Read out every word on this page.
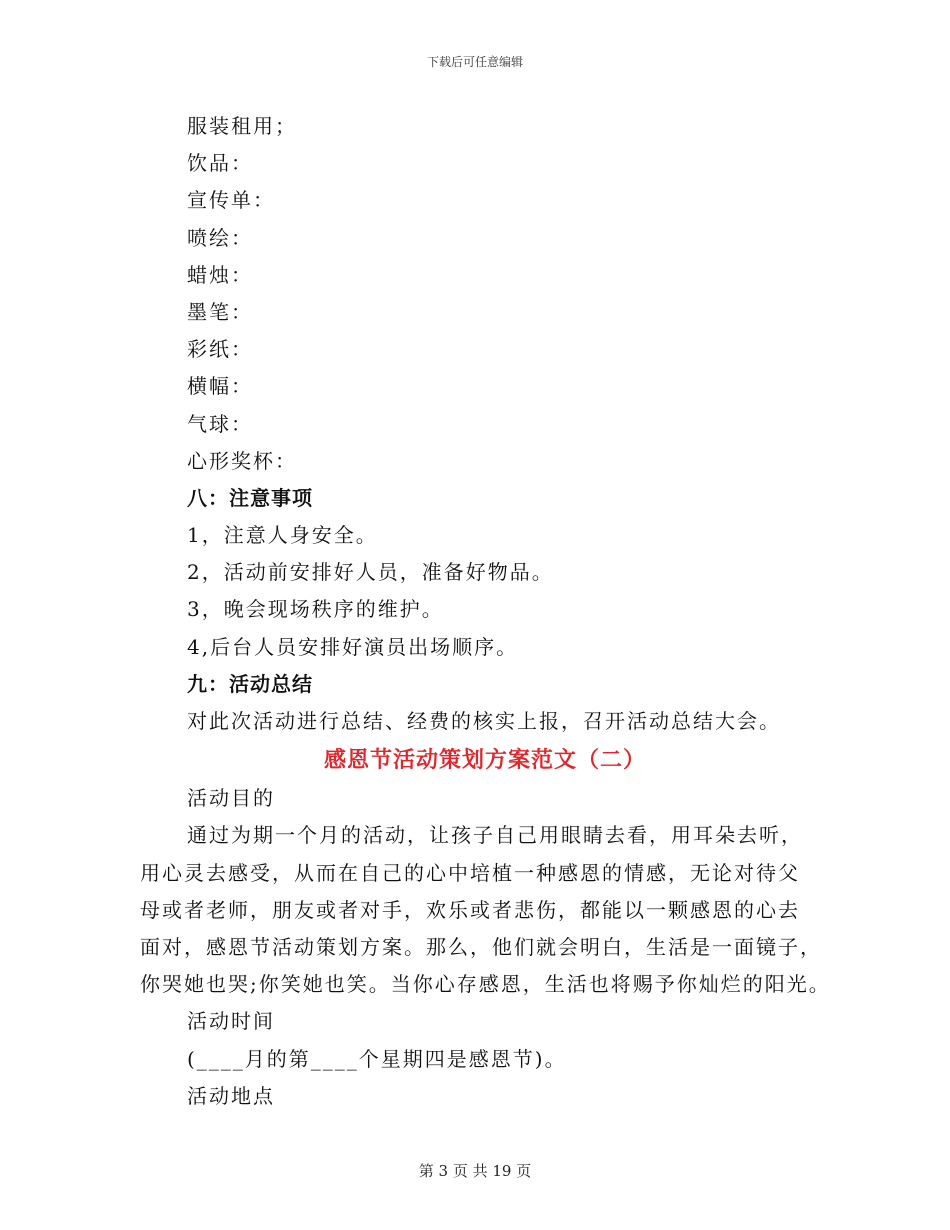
下载后可任意编辑
服装租用；
饮品：
宣传单：
喷绘：
蜡烛：
墨笔：
彩纸：
横幅：
气球：
心形奖杯：
八：注意事项
1，注意人身安全。
2，活动前安排好人员，准备好物品。
3，晚会现场秩序的维护。
4,后台人员安排好演员出场顺序。
九：活动总结
对此次活动进行总结、经费的核实上报，召开活动总结大会。
感恩节活动策划方案范文（二）
活动目的
通过为期一个月的活动，让孩子自己用眼睛去看，用耳朵去听，
用心灵去感受，从而在自己的心中培植一种感恩的情感，无论对待父
母或者老师，朋友或者对手，欢乐或者悲伤，都能以一颗感恩的心去
面对，感恩节活动策划方案。那么，他们就会明白，生活是一面镜子，
你哭她也哭;你笑她也笑。当你心存感恩，生活也将赐予你灿烂的阳光。
活动时间
(____月的第____个星期四是感恩节)。
活动地点
第 3 页 共 19 页
